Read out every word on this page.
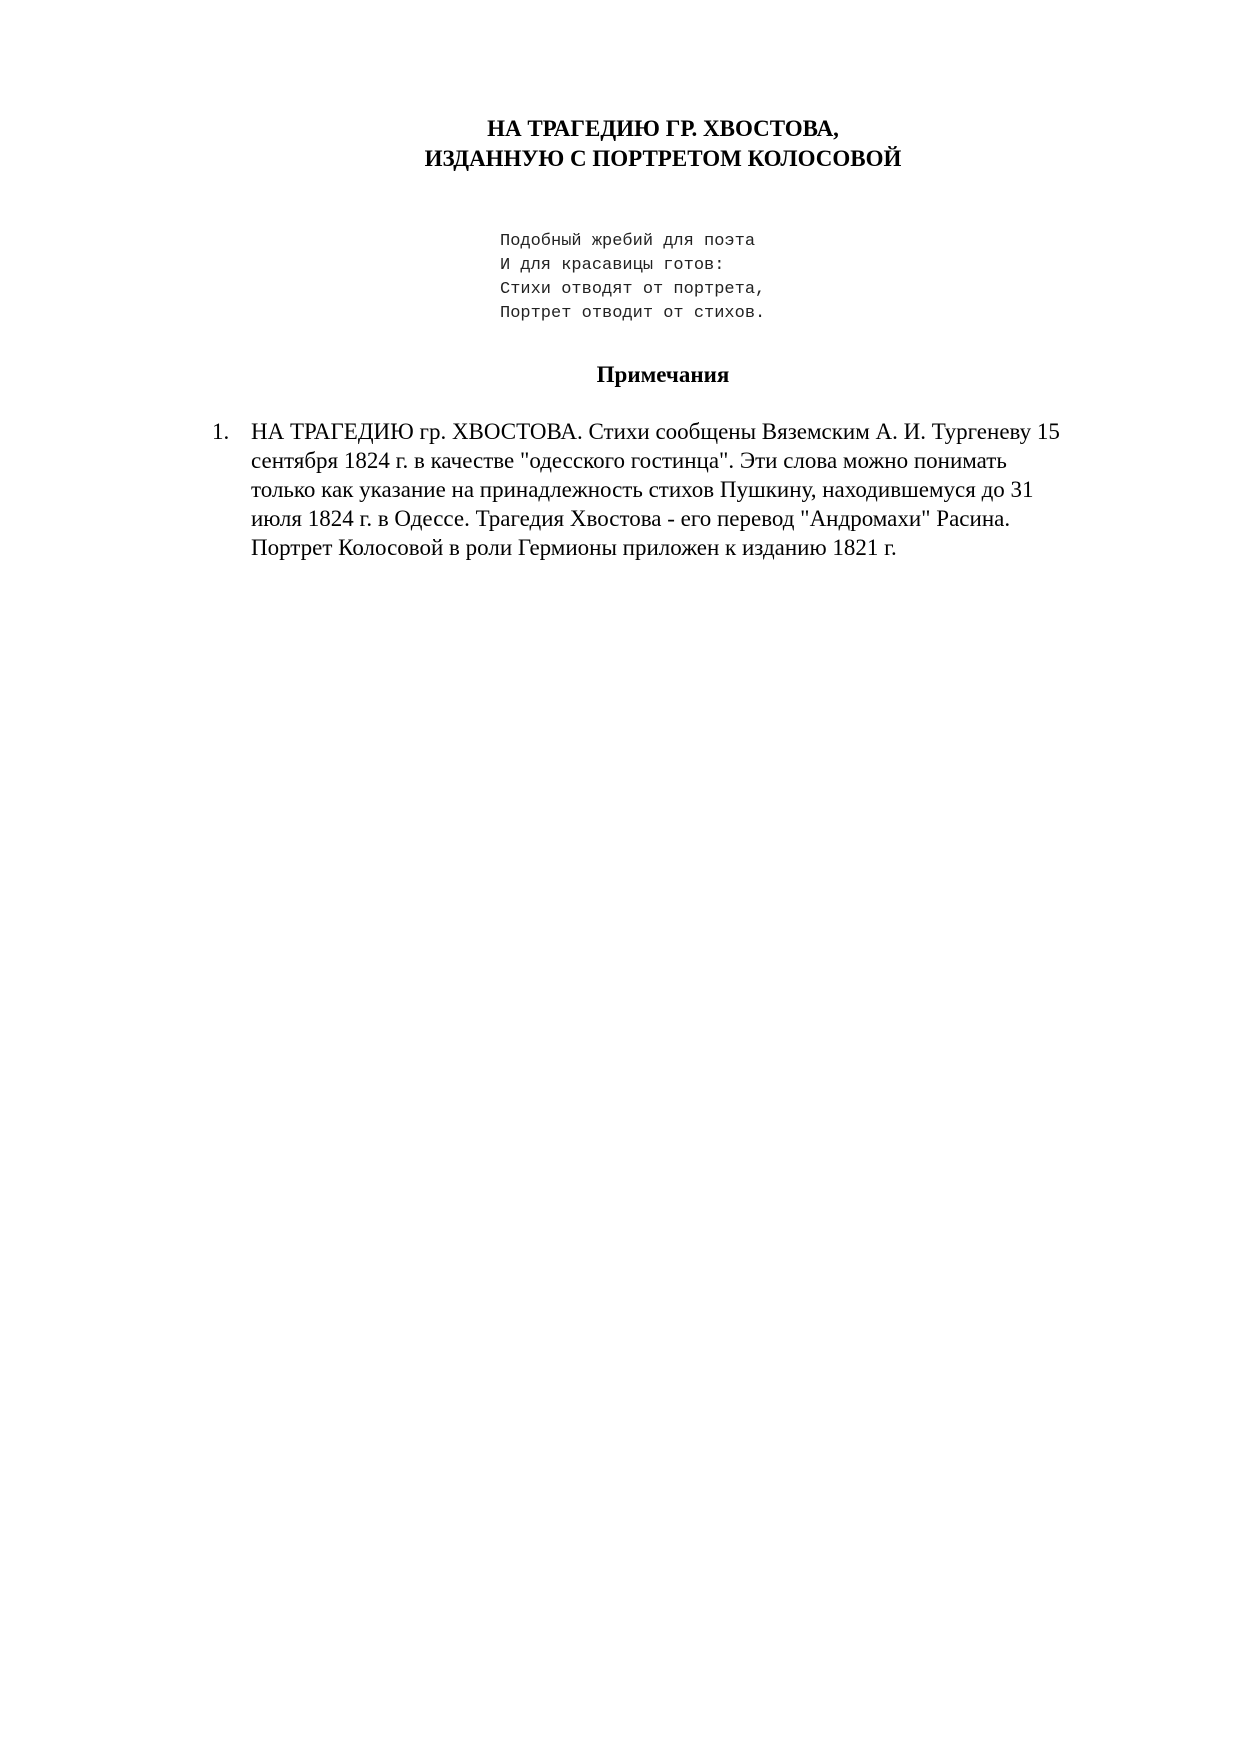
НА ТРАГЕДИЮ ГР. ХВОСТОВА,
ИЗДАННУЮ С ПОРТРЕТОМ КОЛОСОВОЙ
Подобный жребий для поэта
И для красавицы готов:
Стихи отводят от портрета,
Портрет отводит от стихов.
Примечания
1. НА ТРАГЕДИЮ гр. ХВОСТОВА. Стихи сообщены Вяземским А. И. Тургеневу 15
сентября 1824 г. в качестве "одесского гостинца". Эти слова можно понимать
только как указание на принадлежность стихов Пушкину, находившемуся до 31
июля 1824 г. в Одессе. Трагедия Хвостова - его перевод "Андромахи" Расина.
Портрет Колосовой в роли Гермионы приложен к изданию 1821 г.
